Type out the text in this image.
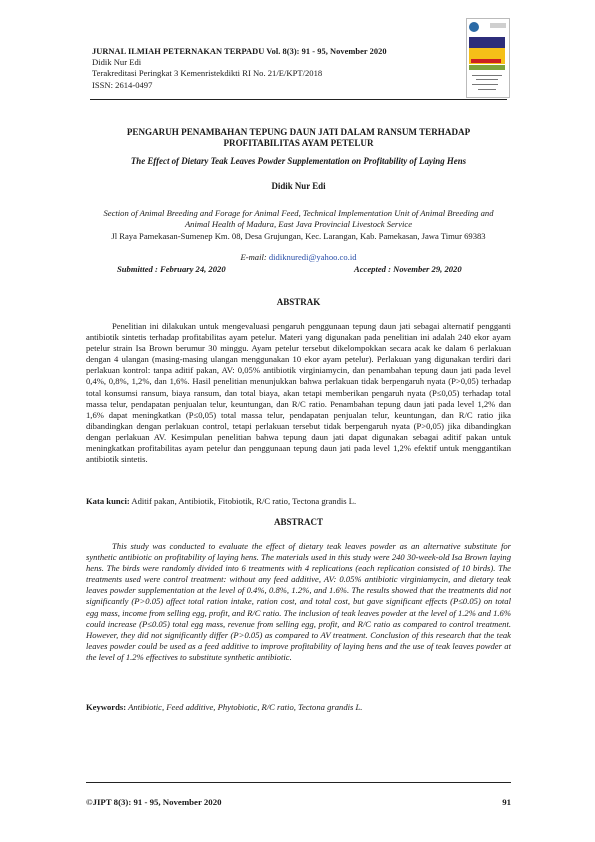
JURNAL ILMIAH PETERNAKAN TERPADU Vol. 8(3): 91 - 95, November 2020
Didik Nur Edi
Terakreditasi Peringkat 3 Kemenristekdikti RI No. 21/E/KPT/2018
ISSN: 2614-0497
PENGARUH PENAMBAHAN TEPUNG DAUN JATI DALAM RANSUM TERHADAP PROFITABILITAS AYAM PETELUR
The Effect of Dietary Teak Leaves Powder Supplementation on Profitability of Laying Hens
Didik Nur Edi
Section of Animal Breeding and Forage for Animal Feed, Technical Implementation Unit of Animal Breeding and Animal Health of Madura, East Java Provincial Livestock Service
Jl Raya Pamekasan-Sumenep Km. 08, Desa Grujungan, Kec. Larangan, Kab. Pamekasan, Jawa Timur 69383
E-mail: didiknuredi@yahoo.co.id
Submitted : February 24, 2020	Accepted : November 29, 2020
ABSTRAK
Penelitian ini dilakukan untuk mengevaluasi pengaruh penggunaan tepung daun jati sebagai alternatif pengganti antibiotik sintetis terhadap profitabilitas ayam petelur. Materi yang digunakan pada penelitian ini adalah 240 ekor ayam petelur strain Isa Brown berumur 30 minggu. Ayam petelur tersebut dikelompokkan secara acak ke dalam 6 perlakuan dengan 4 ulangan (masing-masing ulangan menggunakan 10 ekor ayam petelur). Perlakuan yang digunakan terdiri dari perlakuan kontrol: tanpa aditif pakan, AV: 0,05% antibiotik virginiamycin, dan penambahan tepung daun jati pada level 0,4%, 0,8%, 1,2%, dan 1,6%. Hasil penelitian menunjukkan bahwa perlakuan tidak berpengaruh nyata (P>0,05) terhadap total konsumsi ransum, biaya ransum, dan total biaya, akan tetapi memberikan pengaruh nyata (P≤0,05) terhadap total massa telur, pendapatan penjualan telur, keuntungan, dan R/C ratio. Penambahan tepung daun jati pada level 1,2% dan 1,6% dapat meningkatkan (P≤0,05) total massa telur, pendapatan penjualan telur, keuntungan, dan R/C ratio jika dibandingkan dengan perlakuan control, tetapi perlakuan tersebut tidak berpengaruh nyata (P>0,05) jika dibandingkan dengan perlakuan AV. Kesimpulan penelitian bahwa tepung daun jati dapat digunakan sebagai aditif pakan untuk meningkatkan profitabilitas ayam petelur dan penggunaan tepung daun jati pada level 1,2% efektif untuk menggantikan antibiotik sintetis.
Kata kunci: Aditif pakan, Antibiotik, Fitobiotik, R/C ratio, Tectona grandis L.
ABSTRACT
This study was conducted to evaluate the effect of dietary teak leaves powder as an alternative substitute for synthetic antibiotic on profitability of laying hens. The materials used in this study were 240 30-week-old Isa Brown laying hens. The birds were randomly divided into 6 treatments with 4 replications (each replication consisted of 10 birds). The treatments used were control treatment: without any feed additive, AV: 0.05% antibiotic virginiamycin, and dietary teak leaves powder supplementation at the level of 0.4%, 0.8%, 1.2%, and 1.6%. The results showed that the treatments did not significantly (P>0.05) affect total ration intake, ration cost, and total cost, but gave significant effects (P≤0.05) on total egg mass, income from selling egg, profit, and R/C ratio. The inclusion of teak leaves powder at the level of 1.2% and 1.6% could increase (P≤0.05) total egg mass, revenue from selling egg, profit, and R/C ratio as compared to control treatment. However, they did not significantly differ (P>0.05) as compared to AV treatment. Conclusion of this research that the teak leaves powder could be used as a feed additive to improve profitability of laying hens and the use of teak leaves powder at the level of 1.2% effectives to substitute synthetic antibiotic.
Keywords: Antibiotic, Feed additive, Phytobiotic, R/C ratio, Tectona grandis L.
©JIPT 8(3): 91 - 95, November 2020	91
